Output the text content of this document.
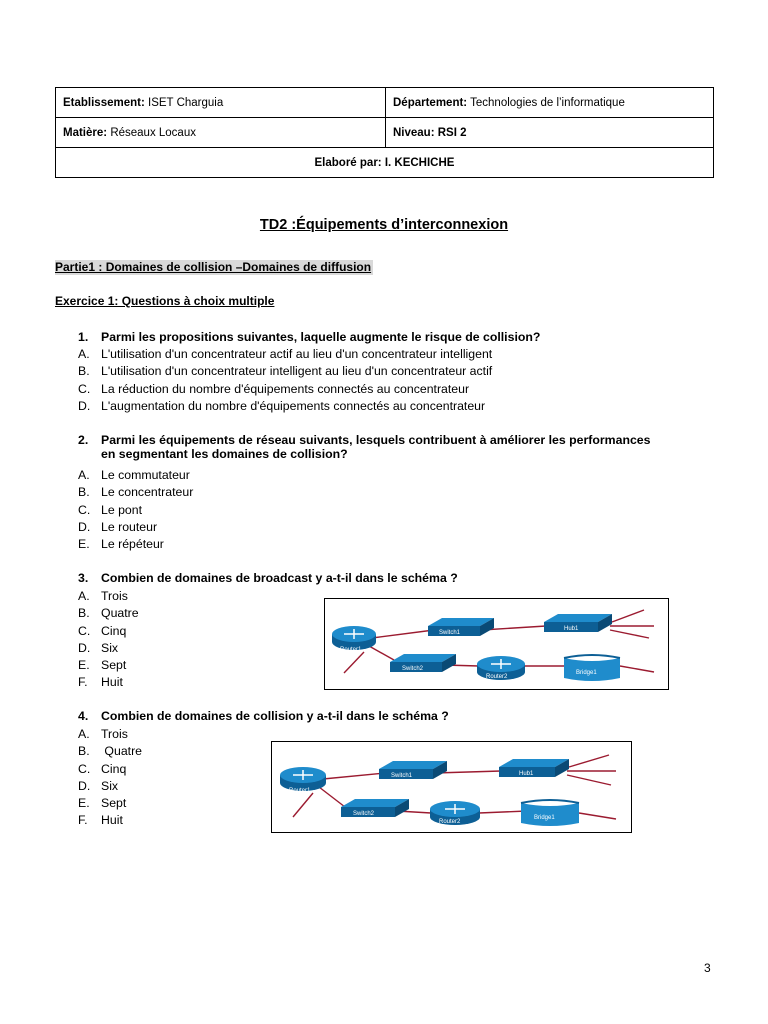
Etablissement: ISET Charguia	Département: Technologies de l’informatique
Matière: Réseaux Locaux	Niveau: RSI 2
Elaboré par: I. KECHICHE	
TD2 :Équipements d’interconnexion
Partie1 : Domaines de collision –Domaines de diffusion
Exercice 1: Questions à choix multiple
1. Parmi les propositions suivantes, laquelle augmente le risque de collision?
A. L'utilisation d'un concentrateur actif au lieu d'un concentrateur intelligent
B. L'utilisation d'un concentrateur intelligent au lieu d'un concentrateur actif
C. La réduction du nombre d'équipements connectés au concentrateur
D. L'augmentation du nombre d'équipements connectés au concentrateur
2. Parmi les équipements de réseau suivants, lesquels contribuent à améliorer les performances
en segmentant les domaines de collision?
A. Le commutateur
B. Le concentrateur
C. Le pont
D. Le routeur
E. Le répéteur
3. Combien de domaines de broadcast y a-t-il dans le schéma ?
A. Trois
B. Quatre
C. Cinq
D. Six
E. Sept
F. Huit
Router1
Switch1
Hub1
Switch2
Router2
Bridge1
4. Combien de domaines de collision y a-t-il dans le schéma ?
A. Trois
B. Quatre
C. Cinq
D. Six
E. Sept
F. Huit
Router1
Switch1	Hub1
Switch2
Router2
Bridge1
3
